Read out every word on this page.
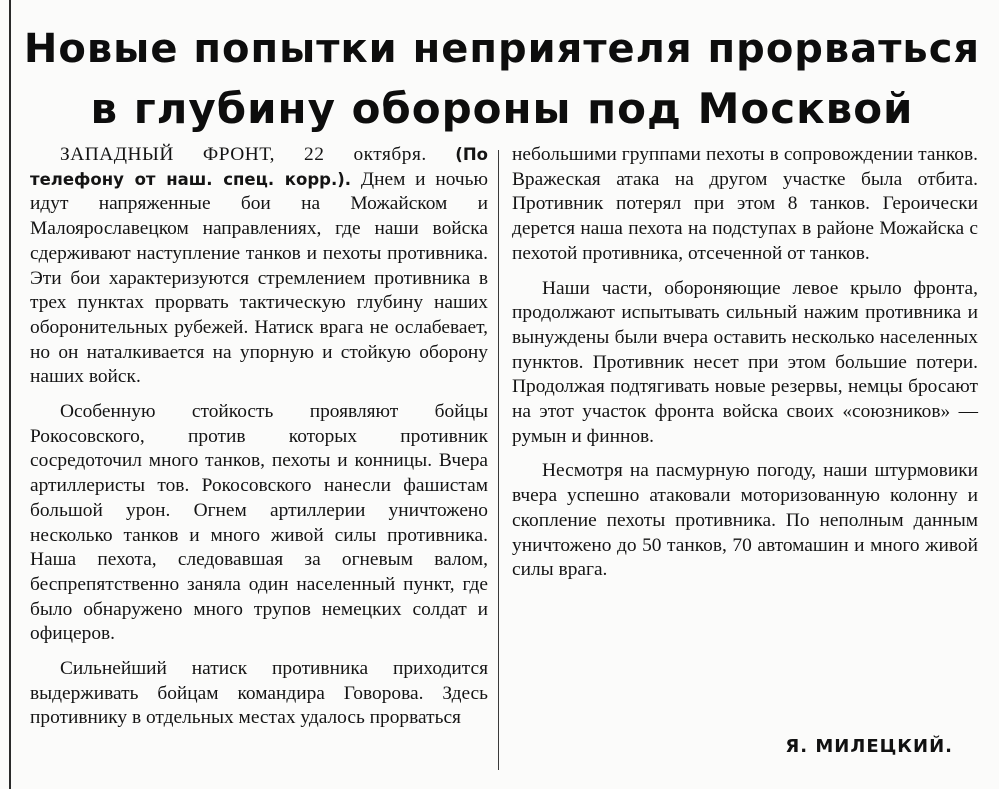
Новые попытки неприятеля прорваться
в глубину обороны под Москвой

ЗАПАДНЫЙ ФРОНТ, 22 октября. (По телефону от наш. спец. корр.). Днем и ночью идут напряженные бои на Можайском и Малоярославецком направлениях, где наши войска сдерживают наступление танков и пехоты противника. Эти бои характеризуются стремлением противника в трех пунктах прорвать тактическую глубину наших оборонительных рубежей. Натиск врага не ослабевает, но он наталкивается на упорную и стойкую оборону наших войск.

Особенную стойкость проявляют бойцы Рокосовского, против которых противник сосредоточил много танков, пехоты и конницы. Вчера артиллеристы тов. Рокосовского нанесли фашистам большой урон. Огнем артиллерии уничтожено несколько танков и много живой силы противника. Наша пехота, следовавшая за огневым валом, беспрепятственно заняла один населенный пункт, где было обнаружено много трупов немецких солдат и офицеров.

Сильнейший натиск противника приходится выдерживать бойцам командира Говорова. Здесь противнику в отдельных местах удалось прорваться

небольшими группами пехоты в сопровождении танков. Вражеская атака на другом участке была отбита. Противник потерял при этом 8 танков. Героически дерется наша пехота на подступах в районе Можайска с пехотой противника, отсеченной от танков.

Наши части, обороняющие левое крыло фронта, продолжают испытывать сильный нажим противника и вынуждены были вчера оставить несколько населенных пунктов. Противник несет при этом большие потери. Продолжая подтягивать новые резервы, немцы бросают на этот участок фронта войска своих «союзников» — румын и финнов.

Несмотря на пасмурную погоду, наши штурмовики вчера успешно атаковали моторизованную колонну и скопление пехоты противника. По неполным данным уничтожено до 50 танков, 70 автомашин и много живой силы врага.

Я. МИЛЕЦКИЙ.
